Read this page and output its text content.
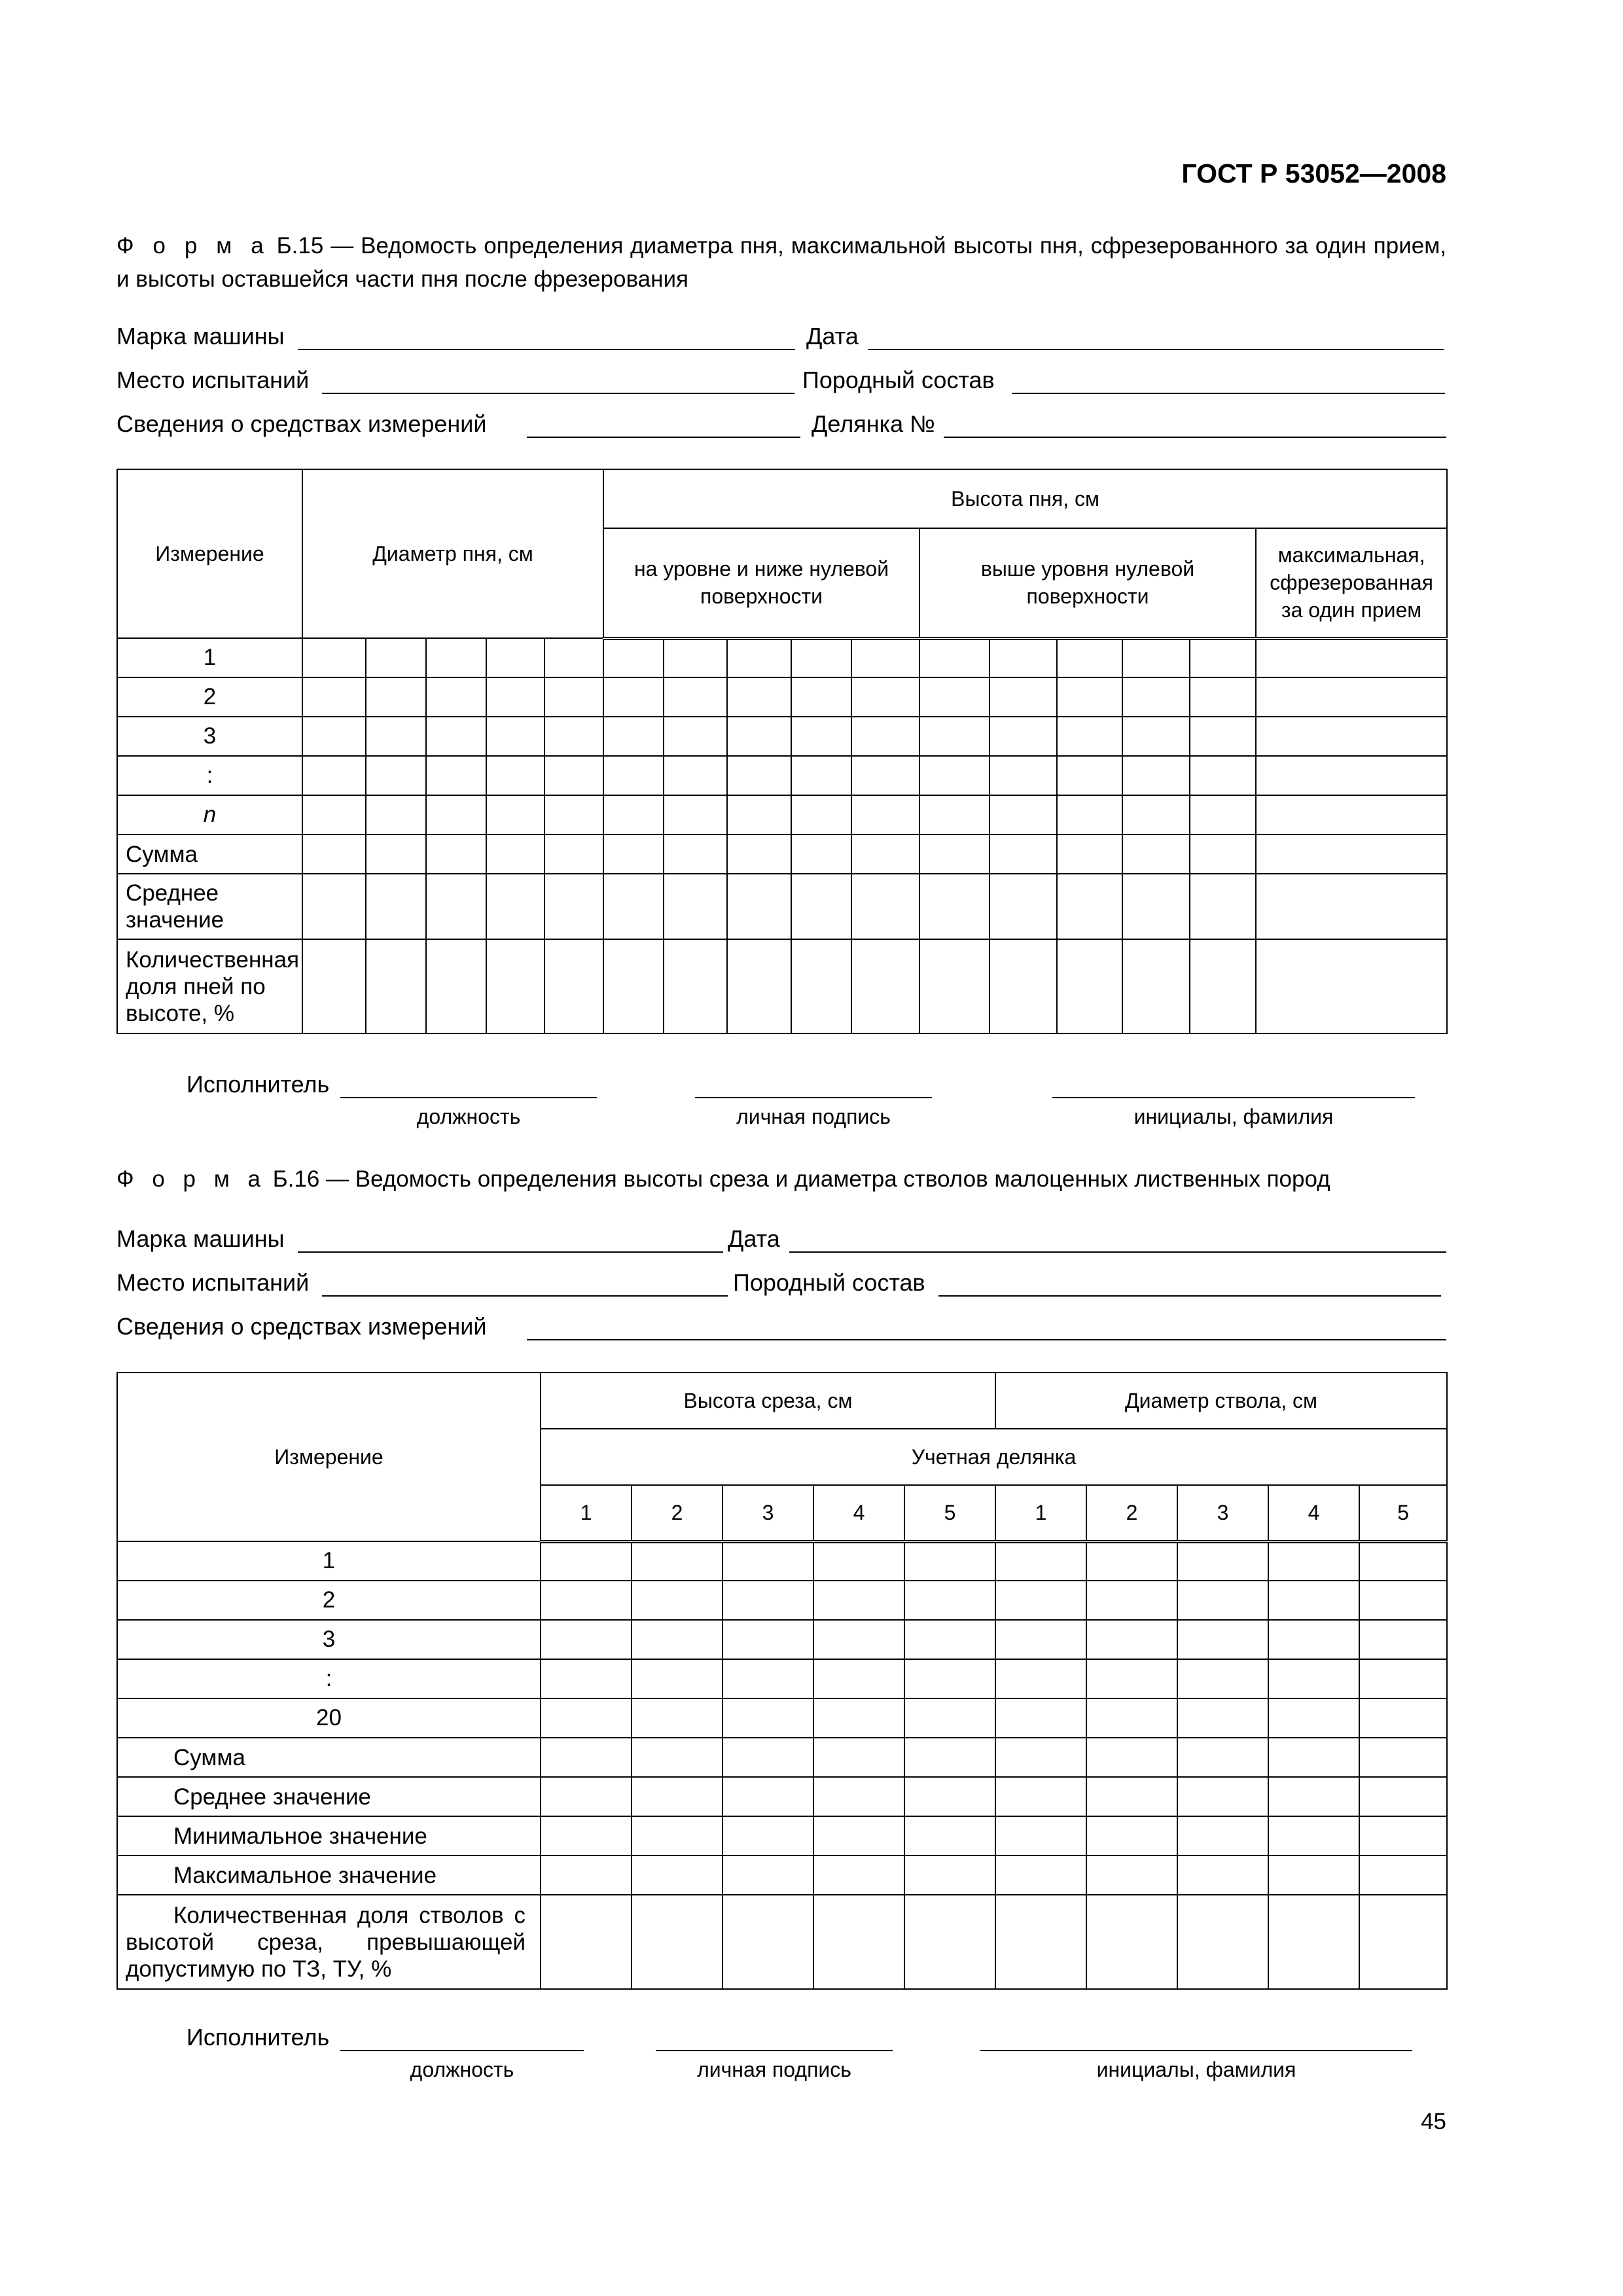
ГОСТ Р 53052—2008
Ф о р м а Б.15 — Ведомость определения диаметра пня, максимальной высоты пня, сфрезерованного за один прием, и высоты оставшейся части пня после фрезерования
Марка машины	Дата
Место испытаний	Породный состав
Сведения о средствах измерений	Делянка №
Измерение	Диаметр пня, см					Высота пня, см										
						на уровне и ниже нулевой поверхности					выше уровня нулевой поверхности					максимальная, сфрезерованная за один прием
1																
2																
3																
:																
n																
Сумма																
Среднее значение																
Количественная доля пней по высоте, %																
Исполнитель
должность	личная подпись	инициалы, фамилия
Ф о р м а Б.16 — Ведомость определения высоты среза и диаметра стволов малоценных лиственных пород
Марка машины	Дата
Место испытаний	Породный состав
Сведения о средствах измерений
Измерение	Высота среза, см					Диаметр ствола, см				
	Учетная делянка									
	1	2	3	4	5	1	2	3	4	5
1										
2										
3										
:										
20										
Сумма										
Среднее значение										
Минимальное значение										
Максимальное значение										
Количественная доля стволов с высотой среза, превышающей допустимую по ТЗ, ТУ, %										
Исполнитель
должность	личная подпись	инициалы, фамилия
45
